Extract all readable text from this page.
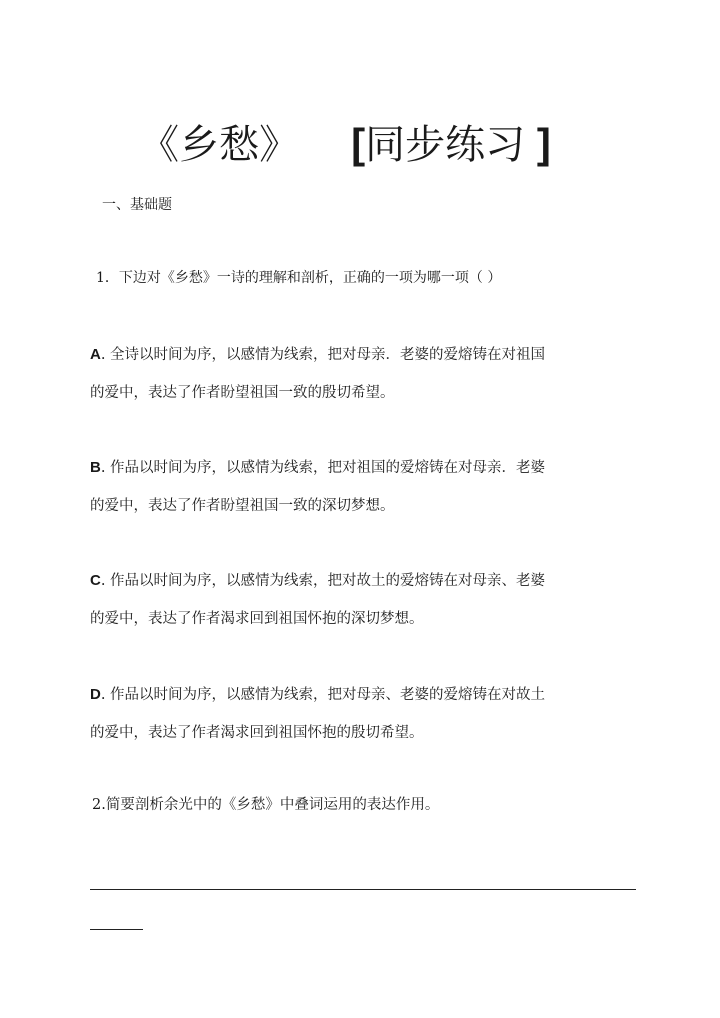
《乡愁》 [同步练习 ]
一、基础题
1．下边对《乡愁》一诗的理解和剖析，正确的一项为哪一项（ ）
A. 全诗以时间为序，以感情为线索，把对母亲．老婆的爱熔铸在对祖国
的爱中，表达了作者盼望祖国一致的殷切希望。
B. 作品以时间为序，以感情为线索，把对祖国的爱熔铸在对母亲．老婆
的爱中，表达了作者盼望祖国一致的深切梦想。
C. 作品以时间为序，以感情为线索，把对故土的爱熔铸在对母亲、老婆
的爱中，表达了作者渴求回到祖国怀抱的深切梦想。
D. 作品以时间为序，以感情为线索，把对母亲、老婆的爱熔铸在对故土
的爱中，表达了作者渴求回到祖国怀抱的殷切希望。
2.简要剖析余光中的《乡愁》中叠词运用的表达作用。
